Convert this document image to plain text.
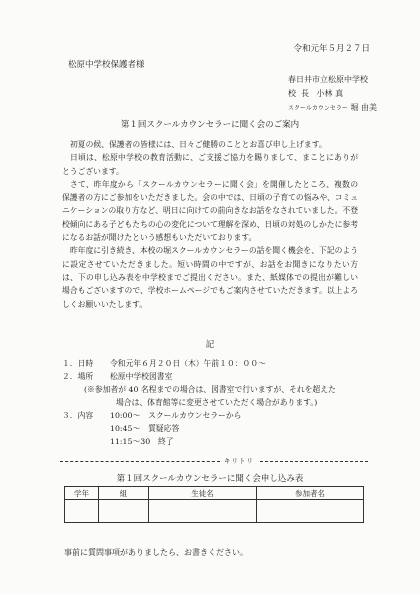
令和元年５月２７日
松原中学校保護者様
春日井市立松原中学校
校長 小林 真
スクールカウンセラー 堀 由美
第１回スクールカウンセラーに聞く会のご案内

初夏の候、保護者の皆様には、日々ご健勝のこととお喜び申し上げます。

日頃は、松原中学校の教育活動に、ご支援ご協力を賜りまして、まことにありがとうございます。

さて、昨年度から「スクールカウンセラーに聞く会」を開催したところ、複数の保護者の方にご参加をいただきました。会の中では、日頃の子育ての悩みや、コミュニケーションの取り方など、明日に向けての前向きなお話をなされていました。不登校傾向にある子どもたちの心の変化について理解を深め、日頃の対処のしかたに参考になるお話が聞けたという感想もいただいております。

昨年度に引き続き、本校の堀スクールカウンセラーの話を聞く機会を、下記のように設定させていただきました。短い時間の中ですが、お話をお聞きになりたい方は、下の申し込み表を中学校までご提出ください。また、紙媒体での提出が難しい場合もございますので、学校ホームページでもご案内させていただきます。以上よろしくお願いいたします。

記
１．日時	令和元年６月２０日（木）午前１０：００～
２．場所	松原中学校図書室
(※参加者が 40 名程までの場合は、図書室で行いますが、それを超えた
場合は、体育館等に変更させていただく場合があります。)
３．内容	10:00～　スクールカウンセラーから
10:45～　質疑応答
11:15～30　終了
キリトリ
第１回スクールカウンセラーに聞く会申し込み表
学年	組	生徒名	参加者名

事前に質問事項がありましたら、お書きください。
